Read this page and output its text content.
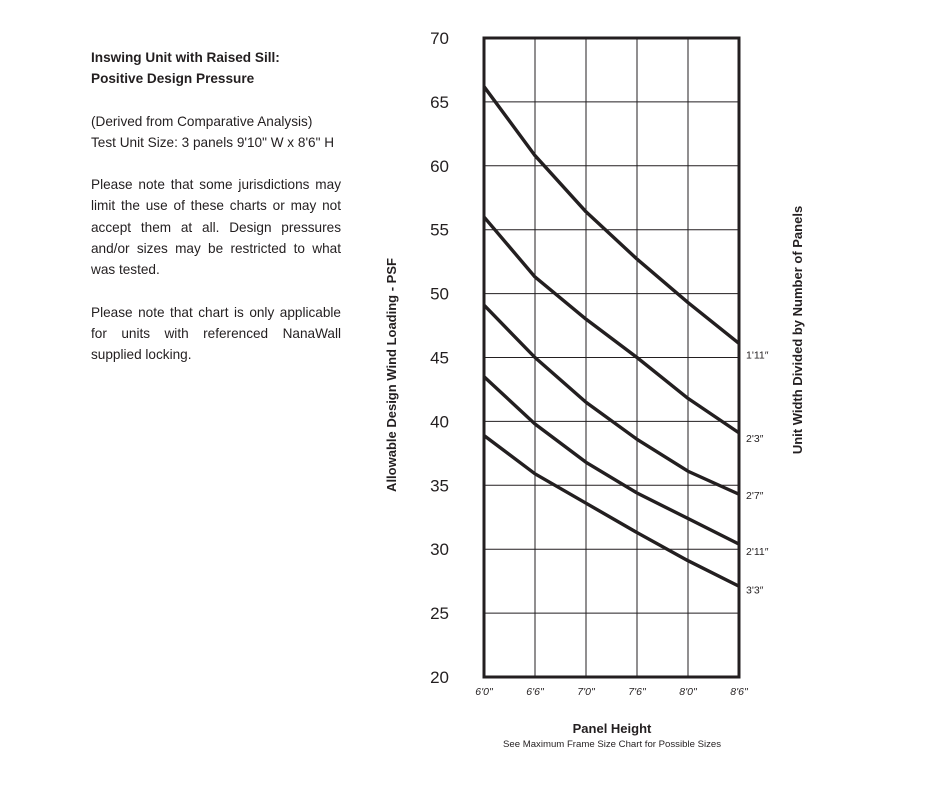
Inswing Unit with Raised Sill:
Positive Design Pressure

(Derived from Comparative Analysis)

Test Unit Size: 3 panels 9'10" W x 8'6" H

Please note that some jurisdictions may limit the use of these charts or may not accept them at all. Design pressures and/or sizes may be restricted to what was tested.

Please note that chart is only applicable for units with referenced NanaWall supplied locking.

20
25
30
35
40
45
50
55
60
65
70
6'0"	6'6"	7'0"	7'6"	8'0"	8'6"
1'11″
2'3″
2'7″
2'11″
3'3″
Allowable Design Wind Loading - PSF	Unit Width Divided by Number of Panels
Panel Height
See Maximum Frame Size Chart for Possible Sizes
